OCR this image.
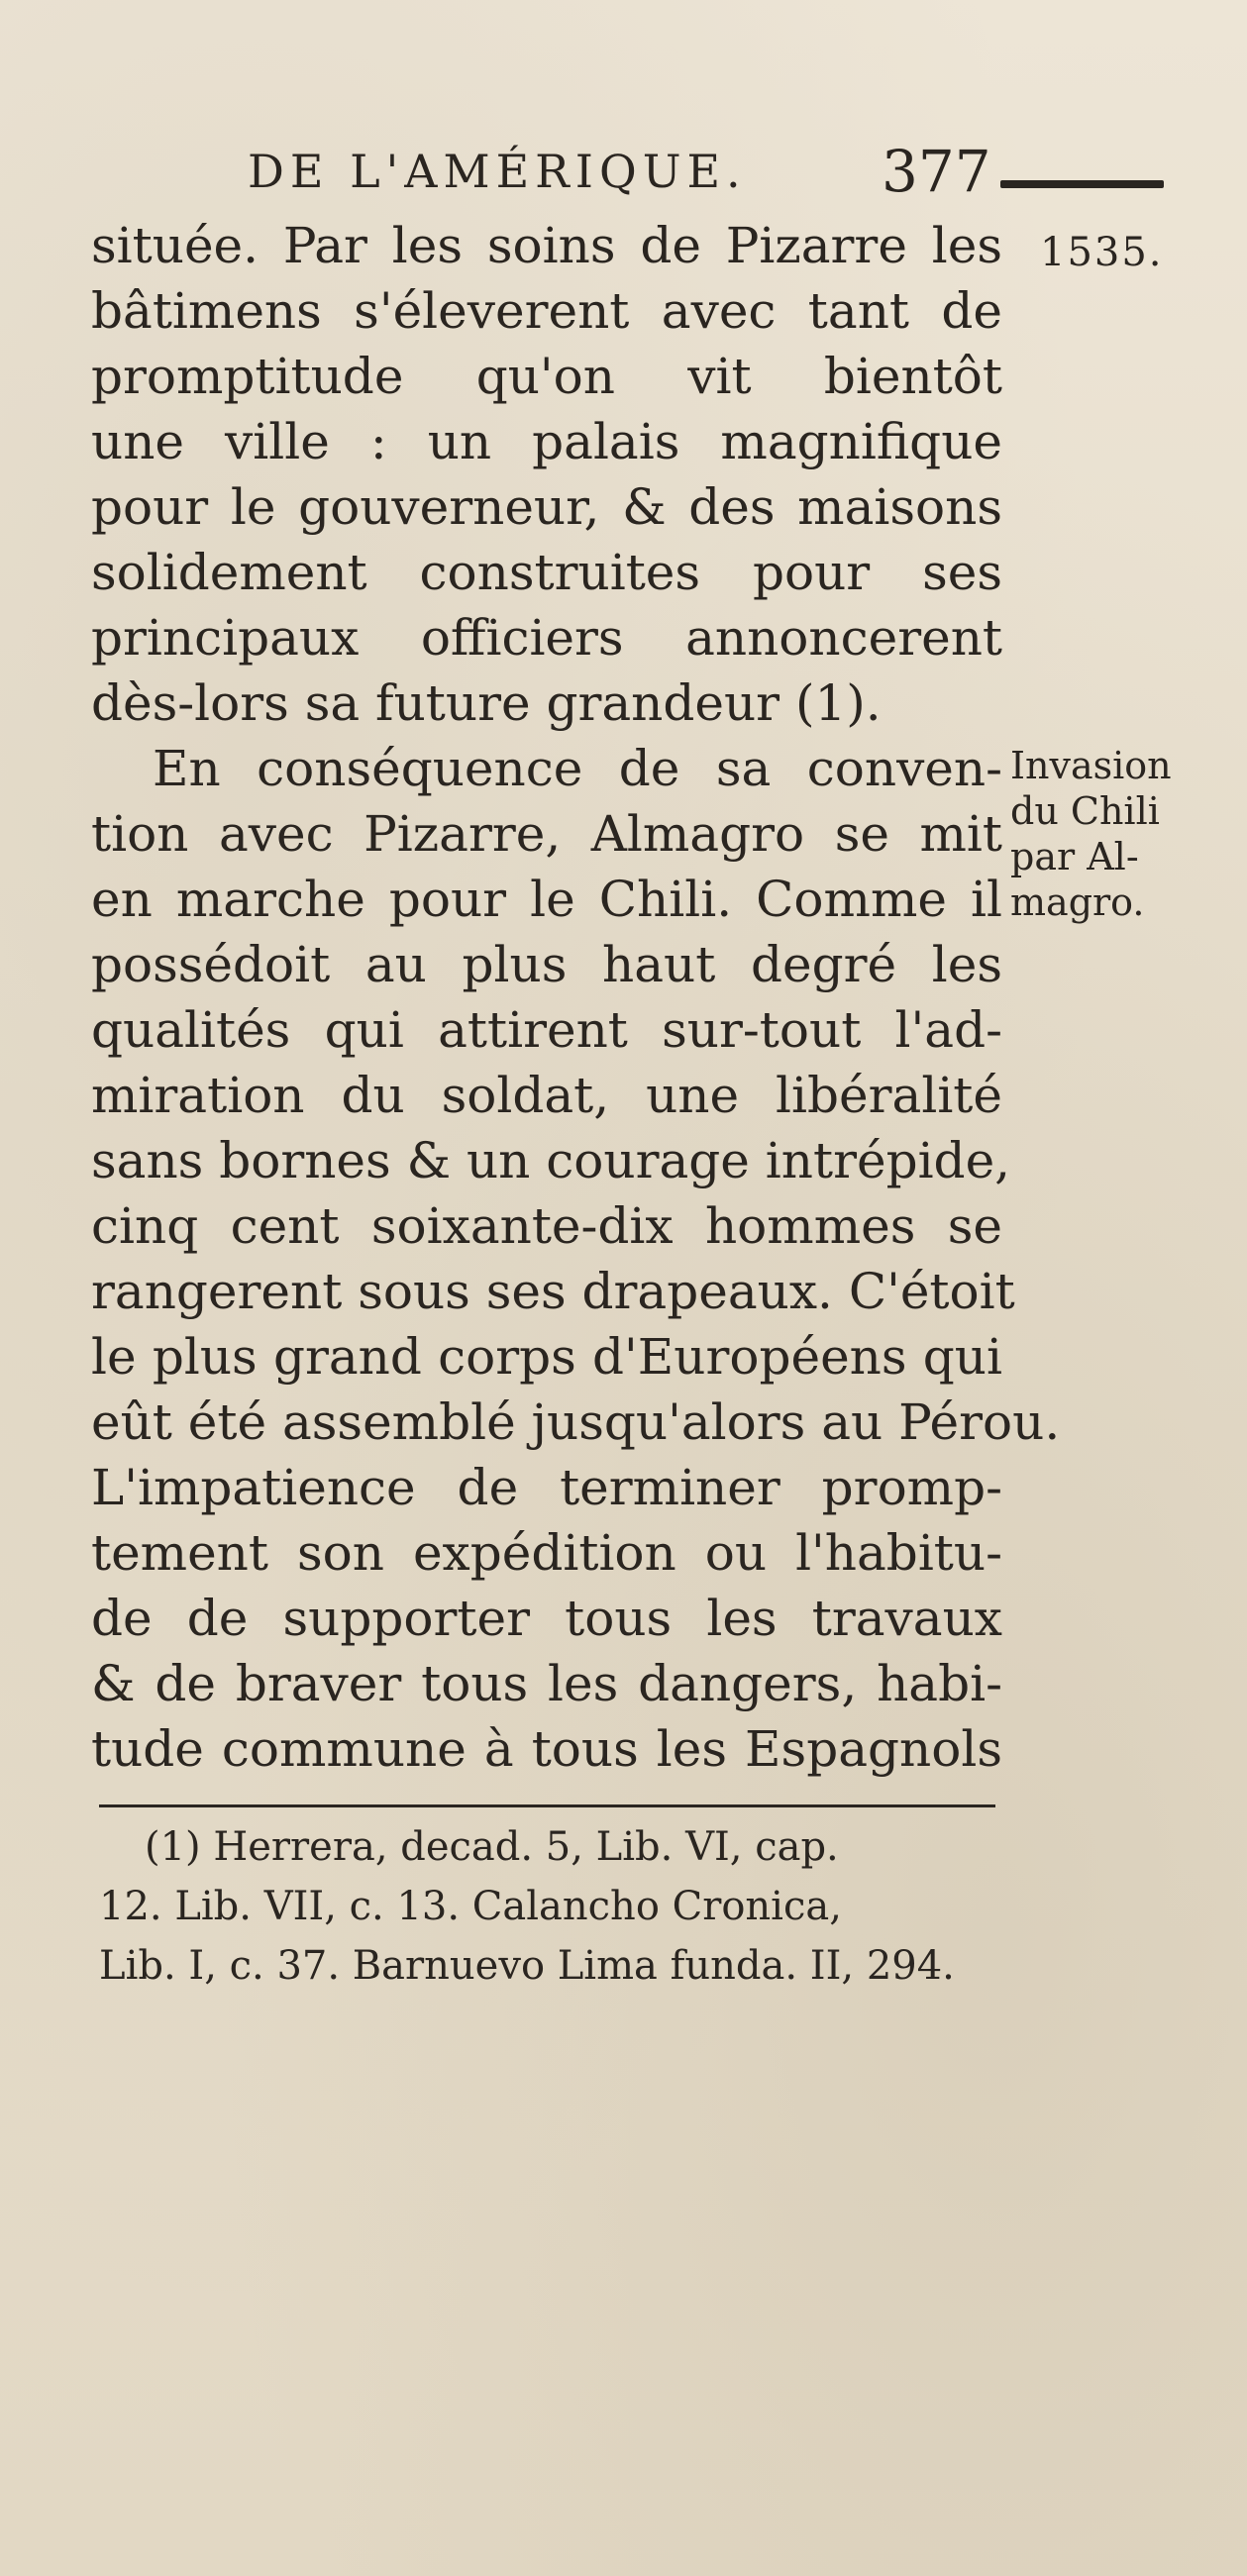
DE L'AMÉRIQUE. 377
1535.
Invasion
du Chili
par Al-
magro.
située. Par les soins de Pizarre les
bâtimens s'éleverent avec tant de
promptitude qu'on vit bientôt
une ville : un palais magnifique
pour le gouverneur, & des maisons
solidement construites pour ses
principaux officiers annoncerent
dès-lors sa future grandeur (1).
En conséquence de sa conven-
tion avec Pizarre, Almagro se mit
en marche pour le Chili. Comme il
possédoit au plus haut degré les
qualités qui attirent sur-tout l'ad-
miration du soldat, une libéralité
sans bornes & un courage intrépide,
cinq cent soixante-dix hommes se
rangerent sous ses drapeaux. C'étoit
le plus grand corps d'Européens qui
eût été assemblé jusqu'alors au Pérou.
L'impatience de terminer promp-
tement son expédition ou l'habitu-
de de supporter tous les travaux
& de braver tous les dangers, habi-
tude commune à tous les Espagnols
(1) Herrera, decad. 5, Lib. VI, cap.
12. Lib. VII, c. 13. Calancho Cronica,
Lib. I, c. 37. Barnuevo Lima funda. II, 294.
